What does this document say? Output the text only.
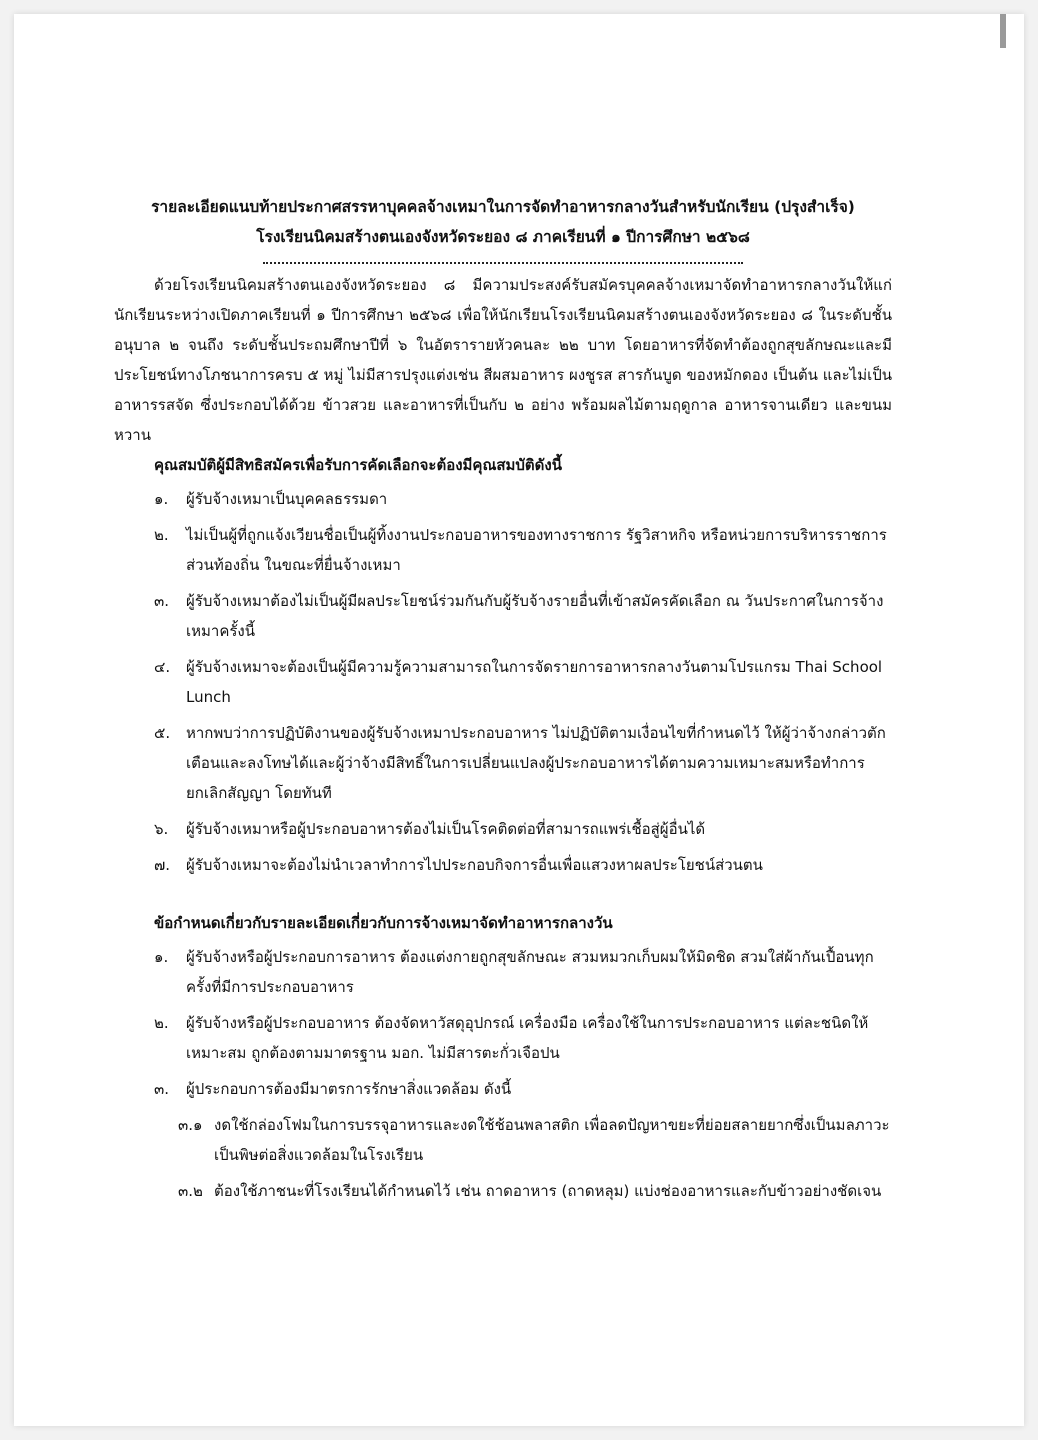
รายละเอียดแนบท้ายประกาศสรรหาบุคคลจ้างเหมาในการจัดทำอาหารกลางวันสำหรับนักเรียน (ปรุงสำเร็จ)

โรงเรียนนิคมสร้างตนเองจังหวัดระยอง ๘ ภาคเรียนที่ ๑ ปีการศึกษา ๒๕๖๘

ด้วยโรงเรียนนิคมสร้างตนเองจังหวัดระยอง ๘ มีความประสงค์รับสมัครบุคคลจ้างเหมาจัดทำอาหารกลางวันให้แก่นักเรียนระหว่างเปิดภาคเรียนที่ ๑ ปีการศึกษา ๒๕๖๘ เพื่อให้นักเรียนโรงเรียนนิคมสร้างตนเองจังหวัดระยอง ๘ ในระดับชั้นอนุบาล ๒ จนถึง ระดับชั้นประถมศึกษาปีที่ ๖ ในอัตรารายหัวคนละ ๒๒ บาท โดยอาหารที่จัดทำต้องถูกสุขลักษณะและมีประโยชน์ทางโภชนาการครบ ๕ หมู่ ไม่มีสารปรุงแต่งเช่น สีผสมอาหาร ผงชูรส สารกันบูด ของหมักดอง เป็นต้น และไม่เป็นอาหารรสจัด ซึ่งประกอบได้ด้วย ข้าวสวย และอาหารที่เป็นกับ ๒ อย่าง พร้อมผลไม้ตามฤดูกาล อาหารจานเดียว และขนมหวาน

คุณสมบัติผู้มีสิทธิสมัครเพื่อรับการคัดเลือกจะต้องมีคุณสมบัติดังนี้

๑.	ผู้รับจ้างเหมาเป็นบุคคลธรรมดา
๒.	ไม่เป็นผู้ที่ถูกแจ้งเวียนชื่อเป็นผู้ทิ้งงานประกอบอาหารของทางราชการ รัฐวิสาหกิจ หรือหน่วยการบริหารราชการส่วนท้องถิ่น ในขณะที่ยื่นจ้างเหมา
๓.	ผู้รับจ้างเหมาต้องไม่เป็นผู้มีผลประโยชน์ร่วมกันกับผู้รับจ้างรายอื่นที่เข้าสมัครคัดเลือก ณ วันประกาศในการจ้างเหมาครั้งนี้
๔.	ผู้รับจ้างเหมาจะต้องเป็นผู้มีความรู้ความสามารถในการจัดรายการอาหารกลางวันตามโปรแกรม Thai School Lunch
๕.	หากพบว่าการปฏิบัติงานของผู้รับจ้างเหมาประกอบอาหาร ไม่ปฏิบัติตามเงื่อนไขที่กำหนดไว้ ให้ผู้ว่าจ้างกล่าวตักเตือนและลงโทษได้และผู้ว่าจ้างมีสิทธิ์ในการเปลี่ยนแปลงผู้ประกอบอาหารได้ตามความเหมาะสมหรือทำการยกเลิกสัญญา โดยทันที
๖.	ผู้รับจ้างเหมาหรือผู้ประกอบอาหารต้องไม่เป็นโรคติดต่อที่สามารถแพร่เชื้อสู่ผู้อื่นได้
๗.	ผู้รับจ้างเหมาจะต้องไม่นำเวลาทำการไปประกอบกิจการอื่นเพื่อแสวงหาผลประโยชน์ส่วนตน

ข้อกำหนดเกี่ยวกับรายละเอียดเกี่ยวกับการจ้างเหมาจัดทำอาหารกลางวัน

๑.	ผู้รับจ้างหรือผู้ประกอบการอาหาร ต้องแต่งกายถูกสุขลักษณะ สวมหมวกเก็บผมให้มิดชิด สวมใส่ผ้ากันเปื้อนทุกครั้งที่มีการประกอบอาหาร
๒.	ผู้รับจ้างหรือผู้ประกอบอาหาร ต้องจัดหาวัสดุอุปกรณ์ เครื่องมือ เครื่องใช้ในการประกอบอาหาร แต่ละชนิดให้เหมาะสม ถูกต้องตามมาตรฐาน มอก. ไม่มีสารตะกั่วเจือปน
๓.	ผู้ประกอบการต้องมีมาตรการรักษาสิ่งแวดล้อม ดังนี้
๓.๑ งดใช้กล่องโฟมในการบรรจุอาหารและงดใช้ช้อนพลาสติก เพื่อลดปัญหาขยะที่ย่อยสลายยากซึ่งเป็นมลภาวะเป็นพิษต่อสิ่งแวดล้อมในโรงเรียน
๓.๒ ต้องใช้ภาชนะที่โรงเรียนได้กำหนดไว้ เช่น ถาดอาหาร (ถาดหลุม) แบ่งช่องอาหารและกับข้าวอย่างชัดเจน
